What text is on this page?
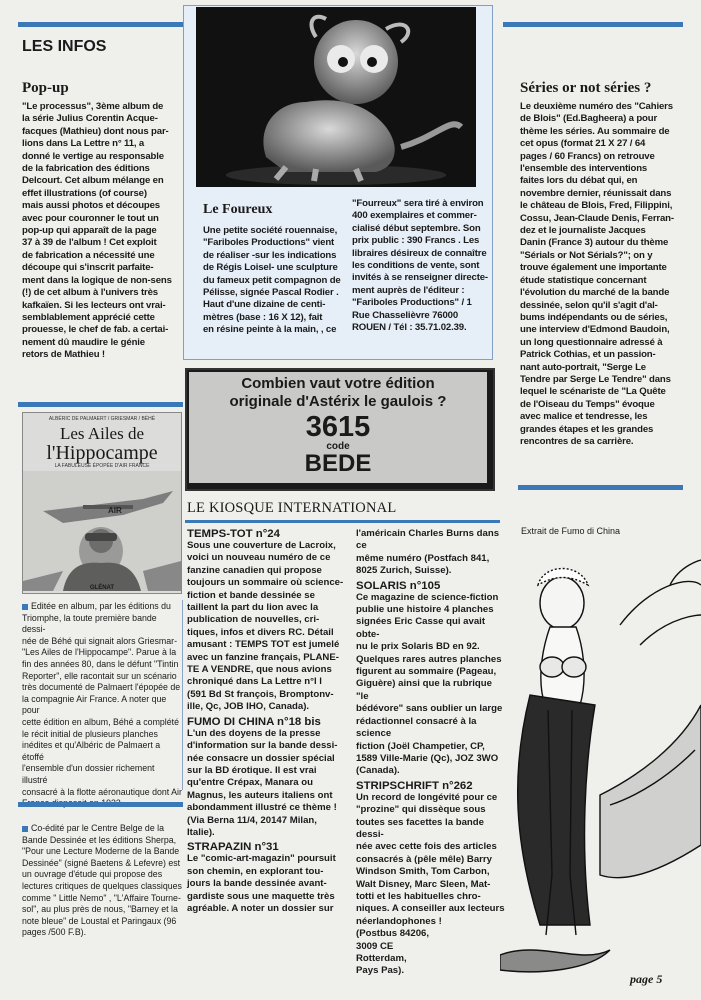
LES INFOS
Pop-up
"Le processus", 3ème album de
la série Julius Corentin Acque-
facques (Mathieu) dont nous par-
lions dans La Lettre n° 11, a
donné le vertige au responsable
de la fabrication des éditions
Delcourt. Cet album mélange en
effet illustrations (of course)
mais aussi photos et découpes
avec pour couronner le tout un
pop-up qui apparaît de la page
37 à 39 de l'album ! Cet exploit
de fabrication a nécessité une
découpe qui s'inscrit parfaite-
ment dans la logique de non-sens
(!) de cet album à l'univers très
kafkaïen. Si les lecteurs ont vrai-
semblablement apprécié cette
prouesse, le chef de fab. a certai-
nement dû maudire le génie
retors de Mathieu !
Le Foureux
Une petite société rouennaise,
"Fariboles Productions" vient
de réaliser -sur les indications
de Régis Loisel- une sculpture
du fameux petit compagnon de
Pélisse, signée Pascal Rodier .
Haut d'une dizaine de centi-
mètres (base : 16 X 12), fait
en résine peinte à la main, , ce
"Fourreux" sera tiré à environ
400 exemplaires et commer-
cialisé début septembre. Son
prix public : 390 Francs . Les
libraires désireux de connaître
les conditions de vente, sont
invités à se renseigner directe-
ment auprès de l'éditeur :
"Fariboles Productions" / 1
Rue Chasselièvre 76000
ROUEN / Tél : 35.71.02.39.
Séries or not séries ?
Le deuxième numéro des "Cahiers
de Blois" (Ed.Bagheera) a pour
thème les séries. Au sommaire de
cet opus (format 21 X 27 / 64
pages / 60 Francs) on retrouve
l'ensemble des interventions
faites lors du débat qui, en
novembre dernier, réunissait dans
le château de Blois, Fred, Filippini,
Cossu, Jean-Claude Denis, Ferran-
dez et le journaliste Jacques
Danin (France 3) autour du thème
"Sérials or Not Sérials?"; on y
trouve également une importante
étude statistique concernant
l'évolution du marché de la bande
dessinée, selon qu'il s'agit d'al-
bums indépendants ou de séries,
une interview d'Edmond Baudoin,
un long questionnaire adressé à
Patrick Cothias, et un passion-
nant auto-portrait, "Serge Le
Tendre par Serge Le Tendre" dans
lequel le scénariste de "La Quête
de l'Oiseau du Temps" évoque
avec malice et tendresse, les
grandes étapes et les grandes
rencontres de sa carrière.
Combien vaut votre édition
originale d'Astérix le gaulois ?
3615
code
BEDE
ALBÉRIC DE PALMAERT / GRIESMAR / BÉHÉ
Les Ailes de
l'Hippocampe
LA FABULEUSE ÉPOPÉE D'AIR FRANCE
AIR
GLÉNAT
Editée en album, par les éditions du
Triomphe, la toute première bande dessi-
née de Béhé qui signait alors Griesmar-
"Les Ailes de l'Hippocampe". Parue à la
fin des années 80, dans le défunt "Tintin
Reporter", elle racontait sur un scénario
très documenté de Palmaert l'épopée de
la compagnie Air France. A noter que pour
cette édition en album, Béhé a complété
le récit initial de plusieurs planches
inédites et qu'Albéric de Palmaert a étoffé
l'ensemble d'un dossier richement illustré
consacré à la flotte aéronautique dont Air

Co-édité par le Centre Belge de la
Bande Dessinée et les éditions Sherpa,
"Pour une Lecture Moderne de la Bande
Dessinée" (signé Baetens & Lefevre) est
un ouvrage d'étude qui propose des
lectures critiques de quelques classiques
comme " Little Nemo" , "L'Affaire Tourne-
sol", au plus près de nous, "Barney et la
note bleue" de Loustal et Paringaux (96
pages /500 F.B).
LE KIOSQUE INTERNATIONAL
TEMPS-TOT n°24
Sous une couverture de Lacroix,
voici un nouveau numéro de ce
fanzine canadien qui propose
toujours un sommaire où science-
fiction et bande dessinée se
taillent la part du lion avec la
publication de nouvelles, cri-
tiques, infos et divers RC. Détail
amusant : TEMPS TOT est jumelé
avec un fanzine français, PLANE-
TE A VENDRE, que nous avions
chroniqué dans La Lettre n°l l
(591 Bd St françois, Bromptonv-
ille, Qc, JOB IHO, Canada).
FUMO DI CHINA n°18 bis
L'un des doyens de la presse
d'information sur la bande dessi-
née consacre un dossier spécial
sur la BD érotique. Il est vrai
qu'entre Crépax, Manara ou
Magnus, les auteurs italiens ont
abondamment illustré ce thème !
(Via Berna 11/4, 20147 Milan,
Italie).
STRAPAZIN n°31
Le "comic-art-magazin" poursuit
son chemin, en explorant tou-
jours la bande dessinée avant-
gardiste sous une maquette très
agréable. A noter un dossier sur
l'américain Charles Burns dans ce
même numéro (Postfach 841,
8025 Zurich, Suisse).
SOLARIS n°105
Ce magazine de science-fiction
publie une histoire 4 planches
signées Eric Casse qui avait obte-
nu le prix Solaris BD en 92.
Quelques rares autres planches
figurent au sommaire (Pageau,
Giguère) ainsi que la rubrique "le
bédévore" sans oublier un large
rédactionnel consacré à la science
fiction (Joël Champetier, CP,
1589 Ville-Marie (Qc), JOZ 3WO
(Canada).
STRIPSCHRIFT n°262
Un record de longévité pour ce
"prozine" qui dissèque sous
toutes ses facettes la bande dessi-
née avec cette fois des articles
consacrés à (pêle mêle) Barry
Windson Smith, Tom Carbon,
Walt Disney, Marc Sleen, Mat-
totti et les habituelles chro-
niques. A conseiller aux lecteurs
néerlandophones !
(Postbus 84206,
3009 CE
Rotterdam,
Pays Pas).
Extrait de Fumo di China
page 5
